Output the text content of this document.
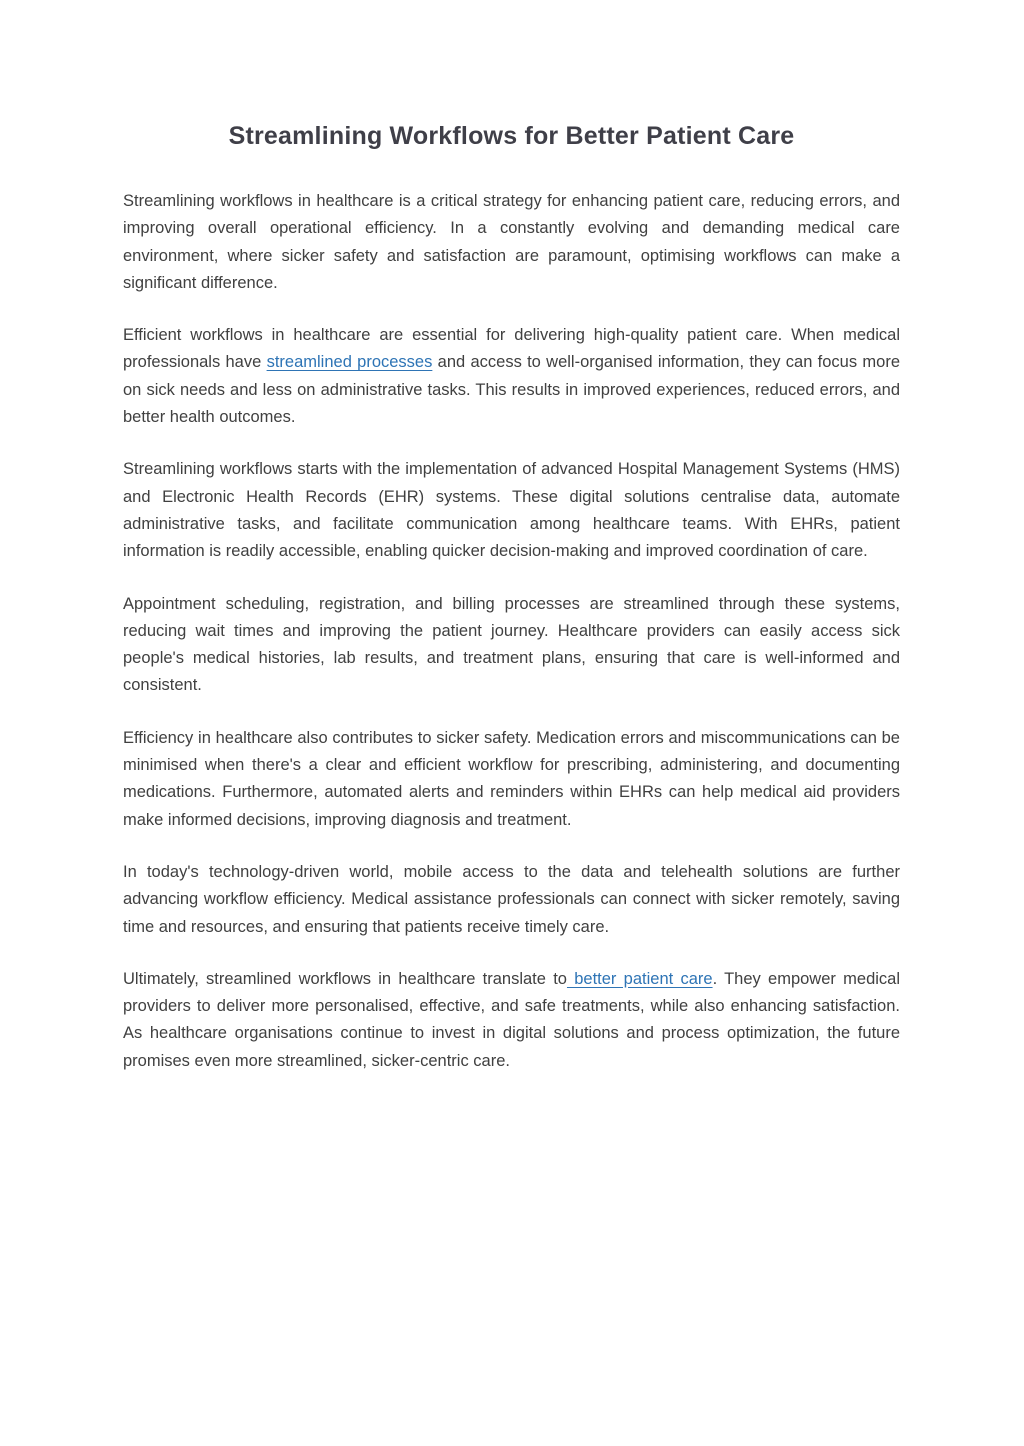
Streamlining Workflows for Better Patient Care

Streamlining workflows in healthcare is a critical strategy for enhancing patient care, reducing errors, and improving overall operational efficiency. In a constantly evolving and demanding medical care environment, where sicker safety and satisfaction are paramount, optimising workflows can make a significant difference.

Efficient workflows in healthcare are essential for delivering high-quality patient care. When medical professionals have streamlined processes and access to well-organised information, they can focus more on sick needs and less on administrative tasks. This results in improved experiences, reduced errors, and better health outcomes.

Streamlining workflows starts with the implementation of advanced Hospital Management Systems (HMS) and Electronic Health Records (EHR) systems. These digital solutions centralise data, automate administrative tasks, and facilitate communication among healthcare teams. With EHRs, patient information is readily accessible, enabling quicker decision-making and improved coordination of care.

Appointment scheduling, registration, and billing processes are streamlined through these systems, reducing wait times and improving the patient journey. Healthcare providers can easily access sick people's medical histories, lab results, and treatment plans, ensuring that care is well-informed and consistent.

Efficiency in healthcare also contributes to sicker safety. Medication errors and miscommunications can be minimised when there's a clear and efficient workflow for prescribing, administering, and documenting medications. Furthermore, automated alerts and reminders within EHRs can help medical aid providers make informed decisions, improving diagnosis and treatment.

In today's technology-driven world, mobile access to the data and telehealth solutions are further advancing workflow efficiency. Medical assistance professionals can connect with sicker remotely, saving time and resources, and ensuring that patients receive timely care.

Ultimately, streamlined workflows in healthcare translate to better patient care. They empower medical providers to deliver more personalised, effective, and safe treatments, while also enhancing satisfaction. As healthcare organisations continue to invest in digital solutions and process optimization, the future promises even more streamlined, sicker-centric care.
